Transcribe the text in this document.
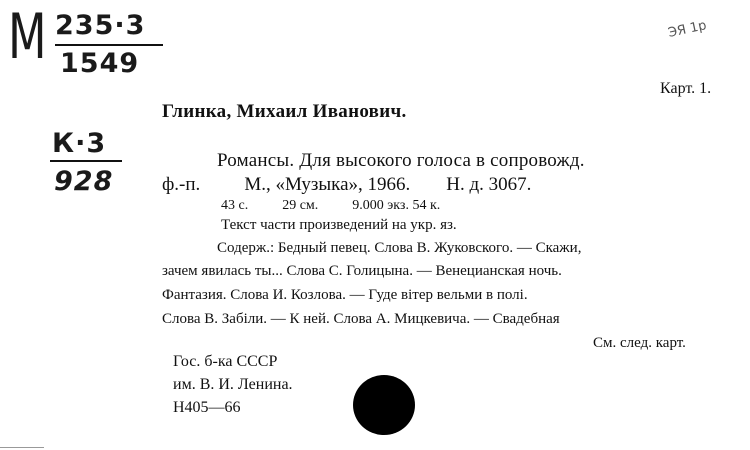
М 235·3
1549
К·3
928
ЭЯ 1р
Карт. 1.
Глинка, Михаил Иванович.
Романсы. Для высокого голоса в сопровожд.
ф.-п. М., «Музыка», 1966. Н. д. 3067.
43 с. 29 см. 9.000 экз. 54 к.
Текст части произведений на укр. яз.
Содерж.: Бедный певец. Слова В. Жуковского. — Скажи,
зачем явилась ты... Слова С. Голицына. — Венецианская ночь.
Фантазия. Слова И. Козлова. — Гуде вітер вельми в полі.
Слова В. Забіли. — К ней. Слова А. Мицкевича. — Свадебная
См. след. карт.
Гос. б-ка СССР
им. В. И. Ленина.
Н405—66
